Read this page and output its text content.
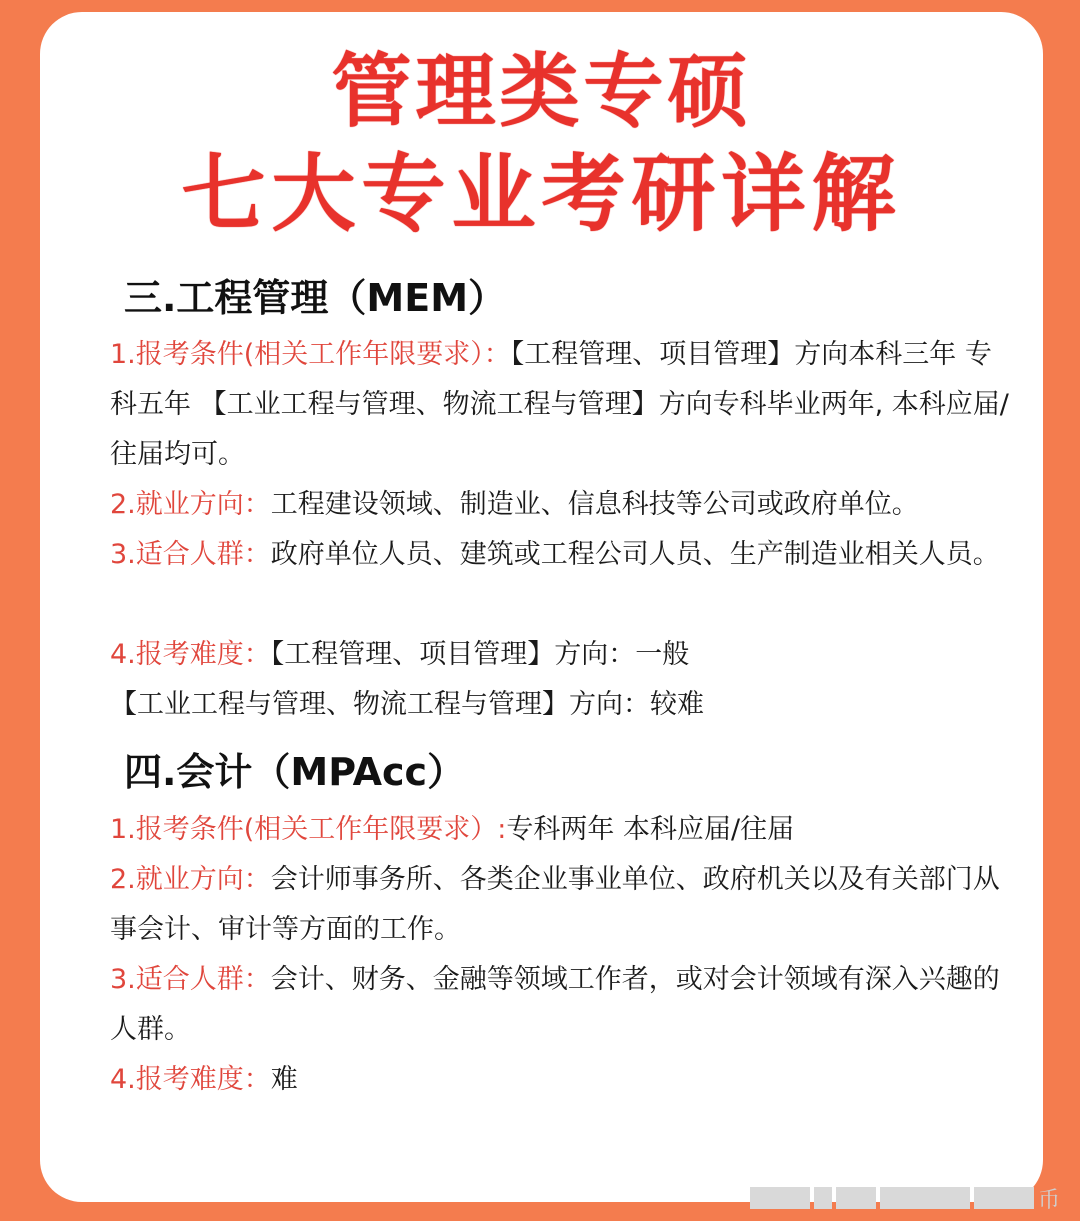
管理类专硕
七大专业考研详解
三.工程管理（MEM）

1.报考条件(相关工作年限要求）：【工程管理、项目管理】方向本科三年 专科五年 【工业工程与管理、物流工程与管理】方向专科毕业两年, 本科应届/往届均可。

2.就业方向：工程建设领域、制造业、信息科技等公司或政府单位。

3.适合人群：政府单位人员、建筑或工程公司人员、生产制造业相关人员。

4.报考难度：【工程管理、项目管理】方向：一般

【工业工程与管理、物流工程与管理】方向：较难

四.会计（MPAcc）

1.报考条件(相关工作年限要求）:专科两年 本科应届/往届

2.就业方向：会计师事务所、各类企业事业单位、政府机关以及有关部门从事会计、审计等方面的工作。

3.适合人群：会计、财务、金融等领域工作者，或对会计领域有深入兴趣的人群。

4.报考难度：难

币
